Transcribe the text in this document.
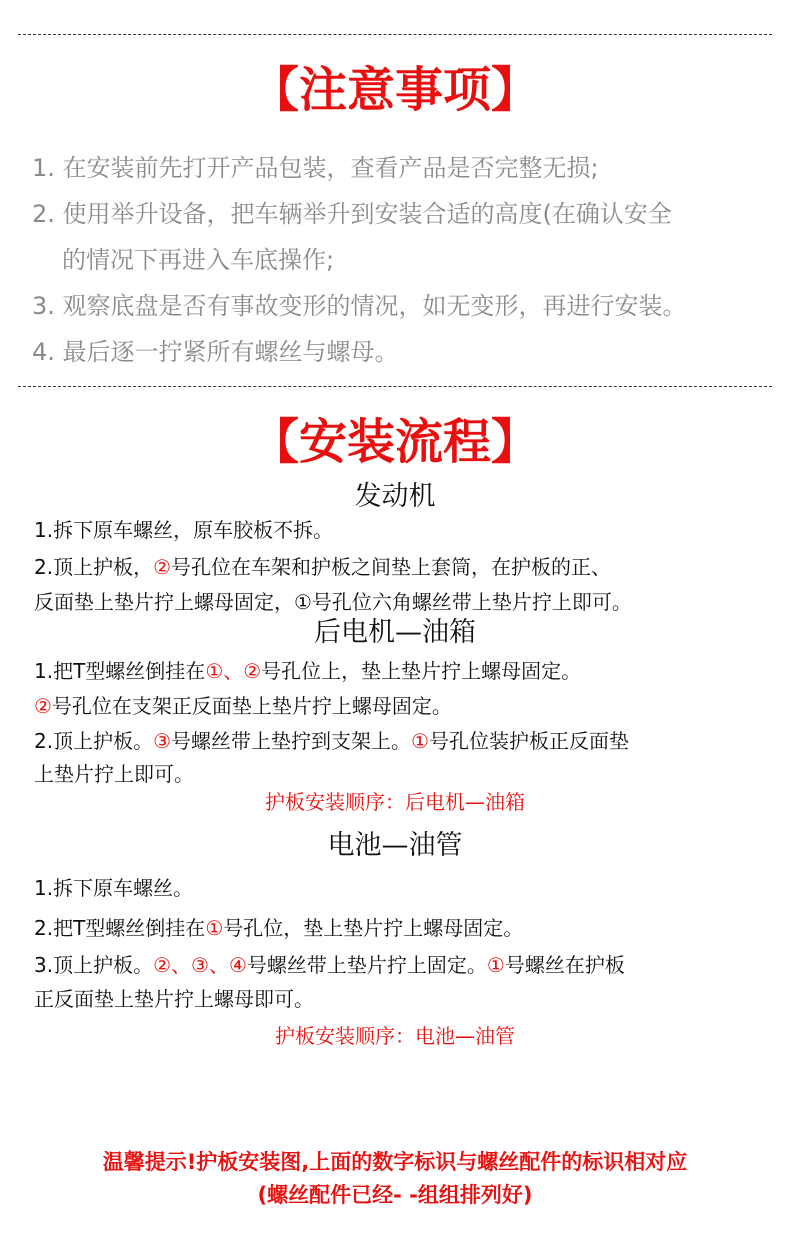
【注意事项】
1. 在安装前先打开产品包装，查看产品是否完整无损;
2. 使用举升设备，把车辆举升到安装合适的高度(在确认安全
的情况下再进入车底操作;
3. 观察底盘是否有事故变形的情况，如无变形，再进行安装。
4. 最后逐一拧紧所有螺丝与螺母。
【安装流程】
发动机
1.拆下原车螺丝，原车胶板不拆。
2.顶上护板，②号孔位在车架和护板之间垫上套筒，在护板的正、
反面垫上垫片拧上螺母固定，①号孔位六角螺丝带上垫片拧上即可。
后电机—油箱
1.把T型螺丝倒挂在①、②号孔位上，垫上垫片拧上螺母固定。
②号孔位在支架正反面垫上垫片拧上螺母固定。
2.顶上护板。③号螺丝带上垫拧到支架上。①号孔位装护板正反面垫
上垫片拧上即可。
护板安装顺序：后电机—油箱
电池—油管
1.拆下原车螺丝。
2.把T型螺丝倒挂在①号孔位，垫上垫片拧上螺母固定。
3.顶上护板。②、③、④号螺丝带上垫片拧上固定。①号螺丝在护板
正反面垫上垫片拧上螺母即可。
护板安装顺序：电池—油管
温馨提示!护板安装图,上面的数字标识与螺丝配件的标识相对应
(螺丝配件已经- -组组排列好)
